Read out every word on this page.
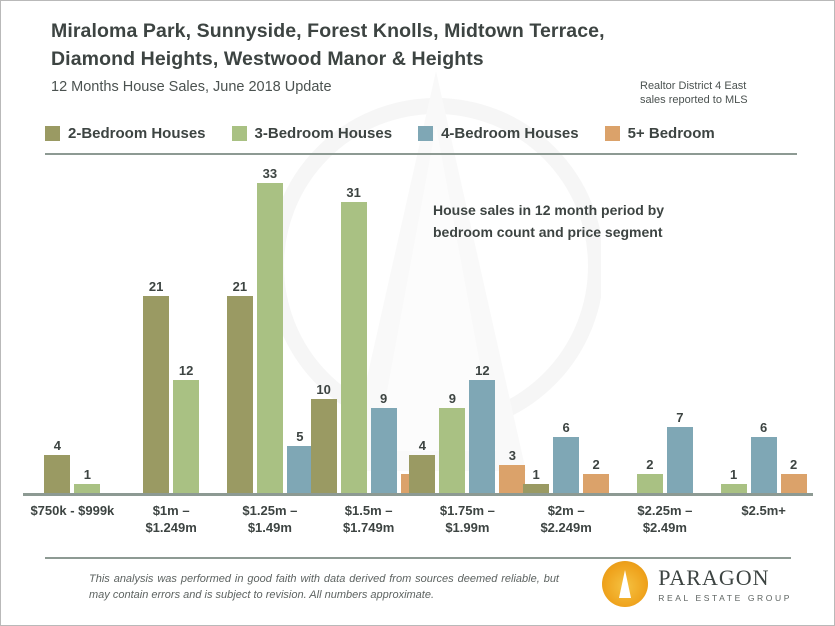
Miraloma Park, Sunnyside, Forest Knolls, Midtown Terrace,
Diamond Heights, Westwood Manor & Heights
12 Months House Sales, June 2018 Update	Realtor District 4 East
sales reported to MLS
2-Bedroom Houses	3-Bedroom Houses	4-Bedroom Houses	5+ Bedroom
House sales in 12 month period by
bedroom count and price segment
4
1
21
12
21
33
5
10
31
9
4
9
12
3
1
6
2	2
7
1
6
2
$750k - $999k	$1m –
$1.249m
$1.25m –
$1.49m
$1.5m –
$1.749m
$1.75m –
$1.99m
$2m –
$2.249m
$2.25m –
$2.49m
$2.5m+
This analysis was performed in good faith with data derived from sources deemed reliable, but may contain errors and is subject to revision. All numbers approximate.
PARAGON
REAL ESTATE GROUP
